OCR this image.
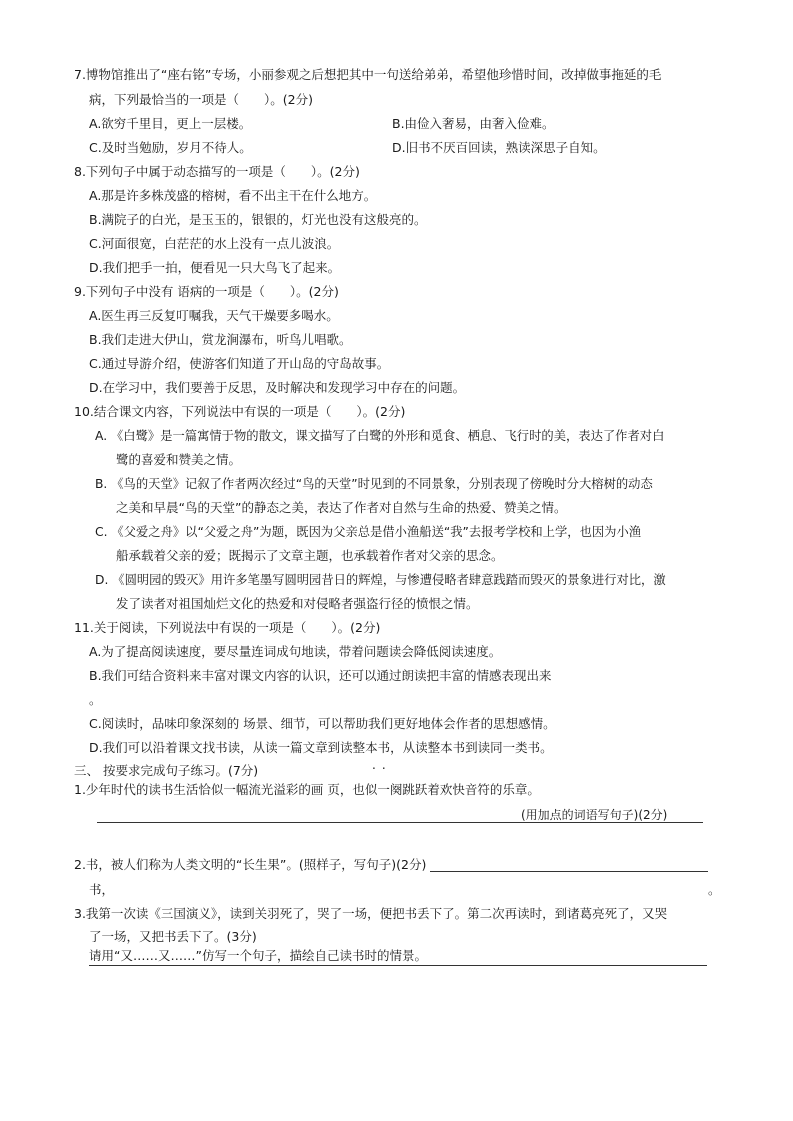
7.博物馆推出了“座右铭”专场，小丽参观之后想把其中一句送给弟弟，希望他珍惜时间，改掉做事拖延的毛
病，下列最恰当的一项是（　　）。(2分)
A.欲穷千里目，更上一层楼。	B.由俭入奢易，由奢入俭难。
C.及时当勉励，岁月不待人。	D.旧书不厌百回读，熟读深思子自知。
8.下列句子中属于动态描写的一项是（　　）。(2分)
A.那是许多株茂盛的榕树，看不出主干在什么地方。
B.满院子的白光，是玉玉的，银银的，灯光也没有这般亮的。
C.河面很宽，白茫茫的水上没有一点儿波浪。
D.我们把手一拍，便看见一只大鸟飞了起来。
9.下列句子中没有 语病的一项是（　　）。(2分)
A.医生再三反复叮嘱我，天气干燥要多喝水。
B.我们走进大伊山，赏龙涧瀑布，听鸟儿唱歌。
C.通过导游介绍，使游客们知道了开山岛的守岛故事。
D.在学习中，我们要善于反思，及时解决和发现学习中存在的问题。
10.结合课文内容，下列说法中有误的一项是（　　）。(2分)
A. 《白鹭》是一篇寓情于物的散文，课文描写了白鹭的外形和觅食、栖息、飞行时的美，表达了作者对白
鹭的喜爱和赞美之情。
B. 《鸟的天堂》记叙了作者两次经过“鸟的天堂”时见到的不同景象，分别表现了傍晚时分大榕树的动态
之美和早晨“鸟的天堂”的静态之美，表达了作者对自然与生命的热爱、赞美之情。
C. 《父爱之舟》以“父爱之舟”为题，既因为父亲总是借小渔船送“我”去报考学校和上学，也因为小渔
船承载着父亲的爱；既揭示了文章主题，也承载着作者对父亲的思念。
D. 《圆明园的毁灭》用许多笔墨写圆明园昔日的辉煌，与惨遭侵略者肆意践踏而毁灭的景象进行对比，激
发了读者对祖国灿烂文化的热爱和对侵略者强盗行径的愤恨之情。
11.关于阅读，下列说法中有误的一项是（　　）。(2分)
A.为了提高阅读速度，要尽量连词成句地读，带着问题读会降低阅读速度。
B.我们可结合资料来丰富对课文内容的认识，还可以通过朗读把丰富的情感表现出来
。
C.阅读时，品味印象深刻的 场景、细节，可以帮助我们更好地体会作者的思想感情。
D.我们可以沿着课文找书读，从读一篇文章到读整本书，从读整本书到读同一类书。
三、 按要求完成句子练习。(7分)	..
1.少年时代的读书生活恰似一幅流光溢彩的画 页，也似一阕跳跃着欢快音符的乐章。
(用加点的词语写句子)(2分)
2.书，被人们称为人类文明的“长生果”。(照样子，写句子)(2分)
书，	。
3.我第一次读《三国演义》，读到关羽死了，哭了一场，便把书丢下了。第二次再读时，到诸葛亮死了，又哭
了一场，又把书丢下了。(3分)
请用“又……又……”仿写一个句子，描绘自己读书时的情景。
